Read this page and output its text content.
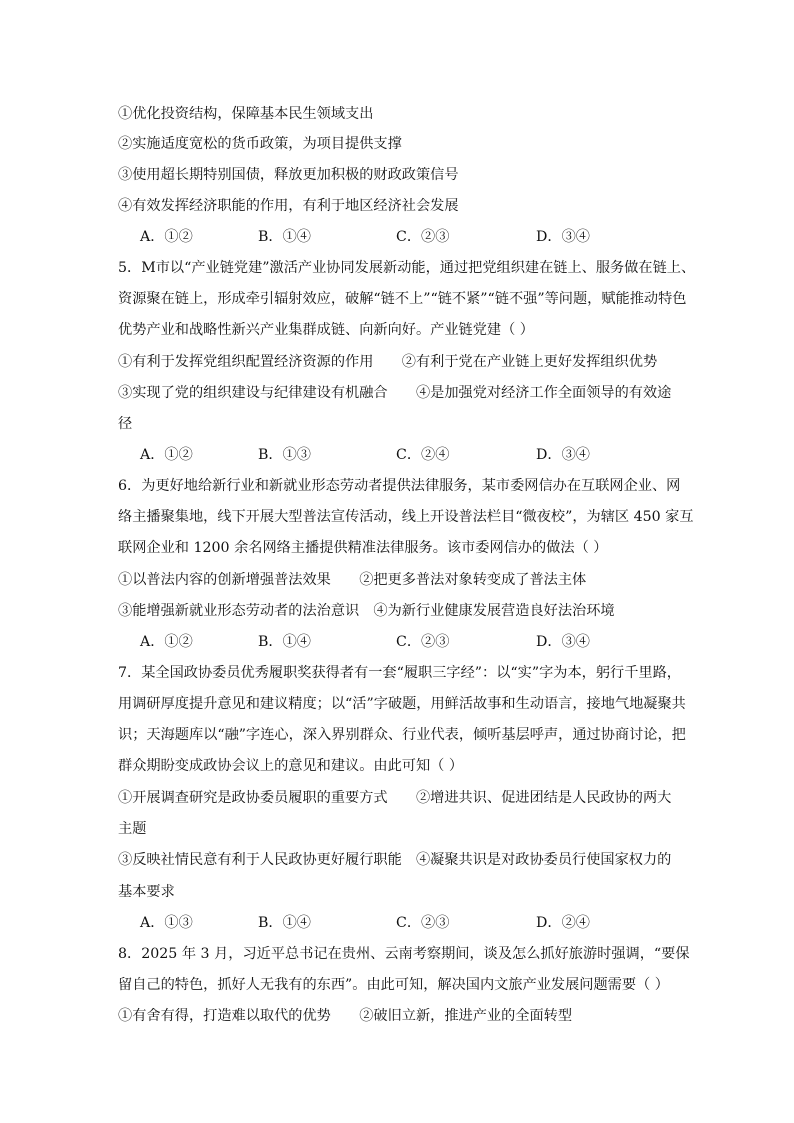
①优化投资结构，保障基本民生领域支出
②实施适度宽松的货币政策，为项目提供支撑
③使用超长期特别国债，释放更加积极的财政政策信号
④有效发挥经济职能的作用，有利于地区经济社会发展
A．①②	B．①④	C．②③	D．③④
5．M市以“产业链党建”激活产业协同发展新动能，通过把党组织建在链上、服务做在链上、
资源聚在链上，形成牵引辐射效应，破解“链不上”“链不紧”“链不强”等问题，赋能推动特色
优势产业和战略性新兴产业集群成链、向新向好。产业链党建（ ）
①有利于发挥党组织配置经济资源的作用　　②有利于党在产业链上更好发挥组织优势
③实现了党的组织建设与纪律建设有机融合　　④是加强党对经济工作全面领导的有效途
径
A．①②	B．①③	C．②④	D．③④
6．为更好地给新行业和新就业形态劳动者提供法律服务，某市委网信办在互联网企业、网
络主播聚集地，线下开展大型普法宣传活动，线上开设普法栏目“微夜校”，为辖区 450 家互
联网企业和 1200 余名网络主播提供精准法律服务。该市委网信办的做法（ ）
①以普法内容的创新增强普法效果　　②把更多普法对象转变成了普法主体
③能增强新就业形态劳动者的法治意识　④为新行业健康发展营造良好法治环境
A．①②	B．①④	C．②③	D．③④
7．某全国政协委员优秀履职奖获得者有一套“履职三字经”：以“实”字为本，躬行千里路，
用调研厚度提升意见和建议精度；以“活”字破题，用鲜活故事和生动语言，接地气地凝聚共
识；天海题库以“融”字连心，深入界别群众、行业代表，倾听基层呼声，通过协商讨论，把
群众期盼变成政协会议上的意见和建议。由此可知（ ）
①开展调查研究是政协委员履职的重要方式　　②增进共识、促进团结是人民政协的两大
主题
③反映社情民意有利于人民政协更好履行职能　④凝聚共识是对政协委员行使国家权力的
基本要求
A．①③	B．①④	C．②③	D．②④
8．2025 年 3 月，习近平总书记在贵州、云南考察期间，谈及怎么抓好旅游时强调，“要保
留自己的特色，抓好人无我有的东西”。由此可知，解决国内文旅产业发展问题需要（ ）
①有舍有得，打造难以取代的优势　　②破旧立新，推进产业的全面转型
